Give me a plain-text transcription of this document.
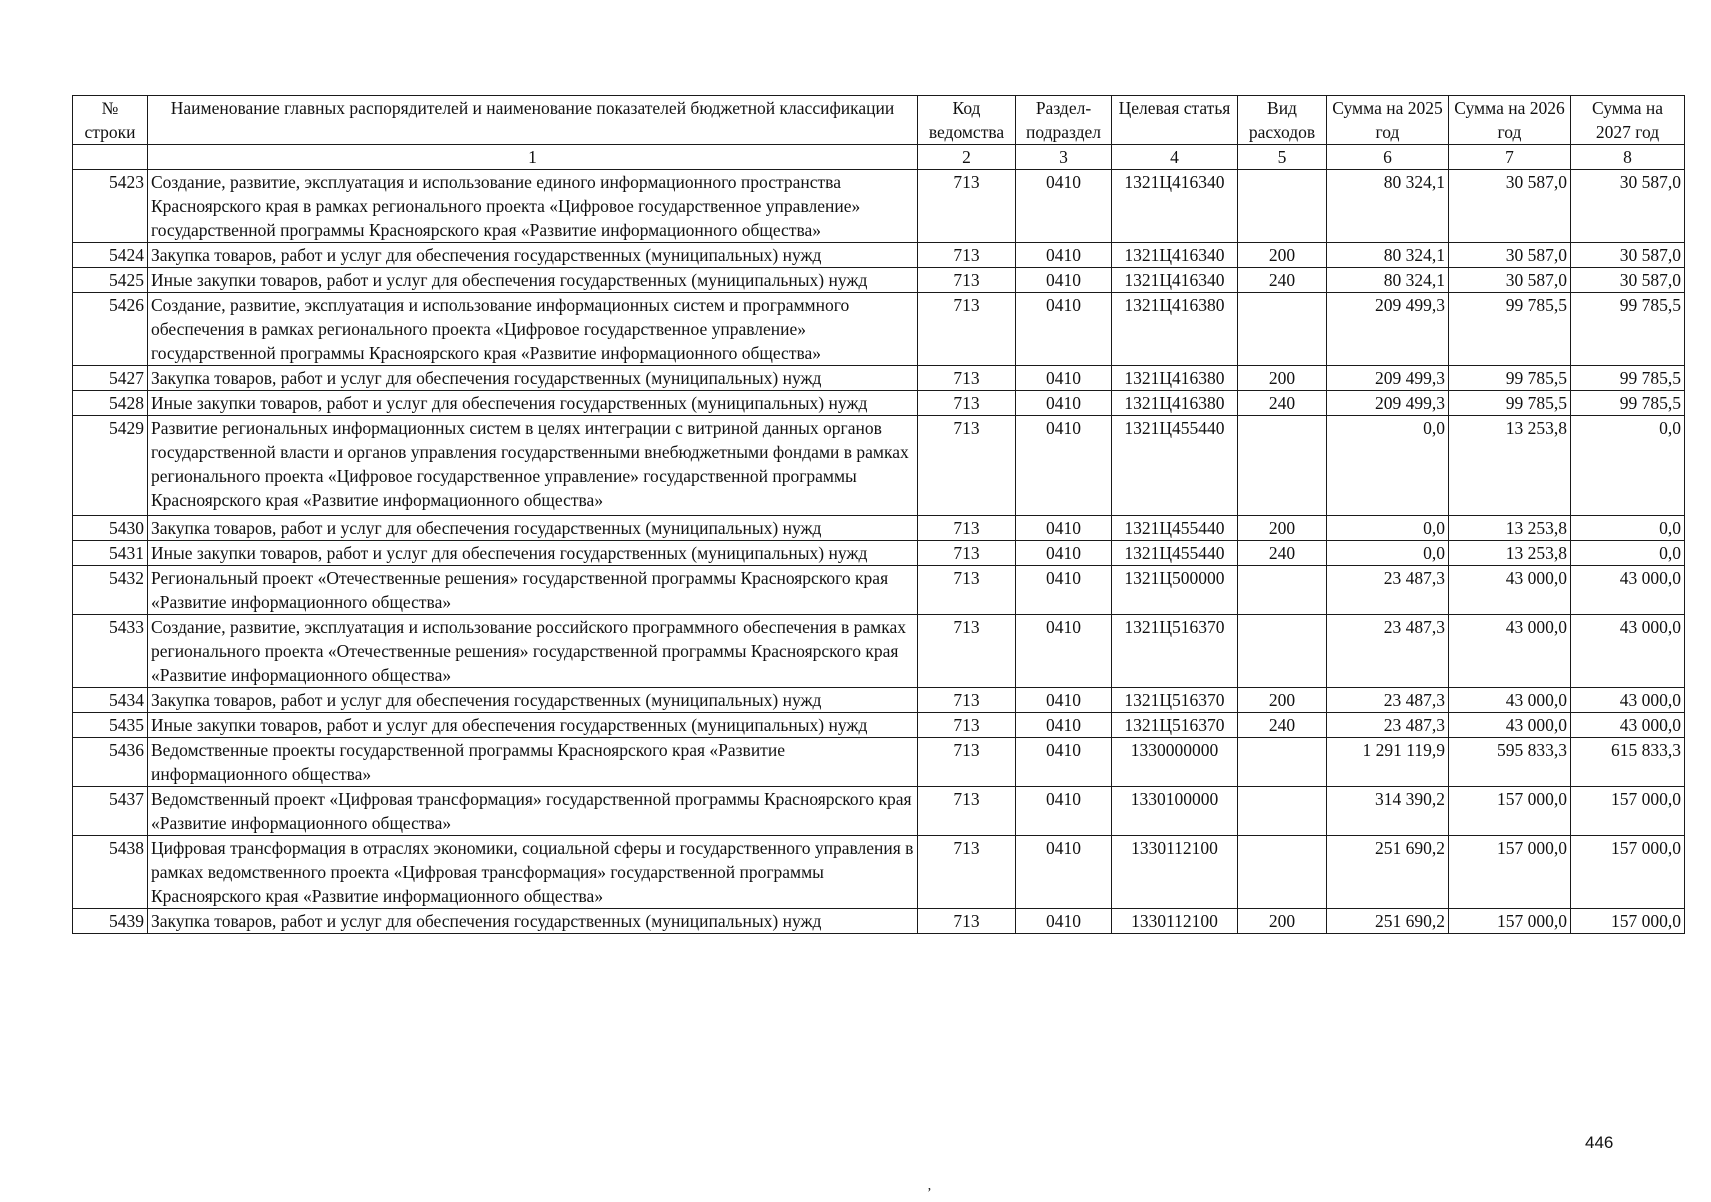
№ строки	Наименование главных распорядителей и наименование показателей бюджетной классификации	Код ведомства	Раздел-подраздел	Целевая статья	Вид расходов	Сумма на 2025 год	Сумма на 2026 год	Сумма на 2027 год
	1	2	3	4	5	6	7	8
5423	Создание, развитие, эксплуатация и использование единого информационного пространства Красноярского края в рамках регионального проекта «Цифровое государственное управление» государственной программы Красноярского края «Развитие информационного общества»	713	0410	1321Ц416340		80 324,1	30 587,0	30 587,0
5424	Закупка товаров, работ и услуг для обеспечения государственных (муниципальных) нужд	713	0410	1321Ц416340	200	80 324,1	30 587,0	30 587,0
5425	Иные закупки товаров, работ и услуг для обеспечения государственных (муниципальных) нужд	713	0410	1321Ц416340	240	80 324,1	30 587,0	30 587,0
5426	Создание, развитие, эксплуатация и использование информационных систем и программного обеспечения в рамках регионального проекта «Цифровое государственное управление» государственной программы Красноярского края «Развитие информационного общества»	713	0410	1321Ц416380		209 499,3	99 785,5	99 785,5
5427	Закупка товаров, работ и услуг для обеспечения государственных (муниципальных) нужд	713	0410	1321Ц416380	200	209 499,3	99 785,5	99 785,5
5428	Иные закупки товаров, работ и услуг для обеспечения государственных (муниципальных) нужд	713	0410	1321Ц416380	240	209 499,3	99 785,5	99 785,5
5429	Развитие региональных информационных систем в целях интеграции с витриной данных органов государственной власти и органов управления государственными внебюджетными фондами в рамках регионального проекта «Цифровое государственное управление» государственной программы Красноярского края «Развитие информационного общества»	713	0410	1321Ц455440		0,0	13 253,8	0,0
5430	Закупка товаров, работ и услуг для обеспечения государственных (муниципальных) нужд	713	0410	1321Ц455440	200	0,0	13 253,8	0,0
5431	Иные закупки товаров, работ и услуг для обеспечения государственных (муниципальных) нужд	713	0410	1321Ц455440	240	0,0	13 253,8	0,0
5432	Региональный проект «Отечественные решения» государственной программы Красноярского края «Развитие информационного общества»	713	0410	1321Ц500000		23 487,3	43 000,0	43 000,0
5433	Создание, развитие, эксплуатация и использование российского программного обеспечения в рамках регионального проекта «Отечественные решения» государственной программы Красноярского края «Развитие информационного общества»	713	0410	1321Ц516370		23 487,3	43 000,0	43 000,0
5434	Закупка товаров, работ и услуг для обеспечения государственных (муниципальных) нужд	713	0410	1321Ц516370	200	23 487,3	43 000,0	43 000,0
5435	Иные закупки товаров, работ и услуг для обеспечения государственных (муниципальных) нужд	713	0410	1321Ц516370	240	23 487,3	43 000,0	43 000,0
5436	Ведомственные проекты государственной программы Красноярского края «Развитие информационного общества»	713	0410	1330000000		1 291 119,9	595 833,3	615 833,3
5437	Ведомственный проект «Цифровая трансформация» государственной программы Красноярского края «Развитие информационного общества»	713	0410	1330100000		314 390,2	157 000,0	157 000,0
5438	Цифровая трансформация в отраслях экономики, социальной сферы и государственного управления в рамках ведомственного проекта «Цифровая трансформация» государственной программы Красноярского края «Развитие информационного общества»	713	0410	1330112100		251 690,2	157 000,0	157 000,0
5439	Закупка товаров, работ и услуг для обеспечения государственных (муниципальных) нужд	713	0410	1330112100	200	251 690,2	157 000,0	157 000,0
446
’
